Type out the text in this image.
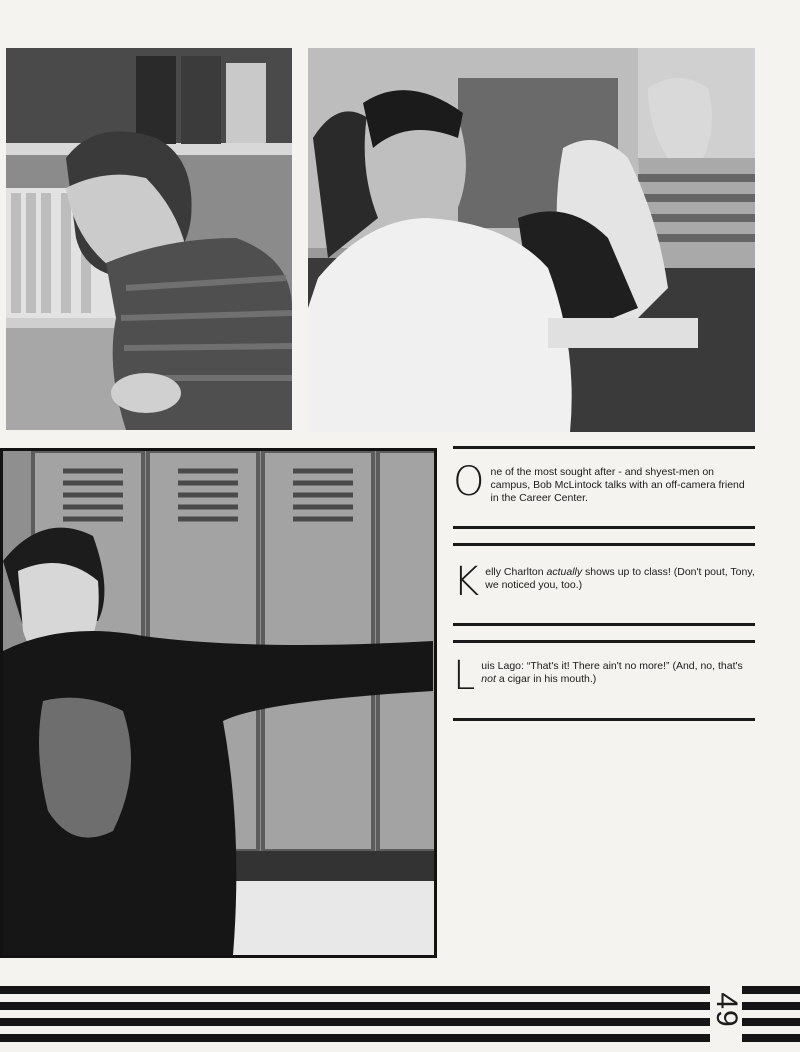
O ne of the most sought after - and shyest-men on campus, Bob McLintock talks with an off-camera friend in the Career Center.
K elly Charlton actually shows up to class! (Don't pout, Tony, we noticed you, too.)
L uis Lago: “That's it! There ain't no more!” (And, no, that's not a cigar in his mouth.)
49
